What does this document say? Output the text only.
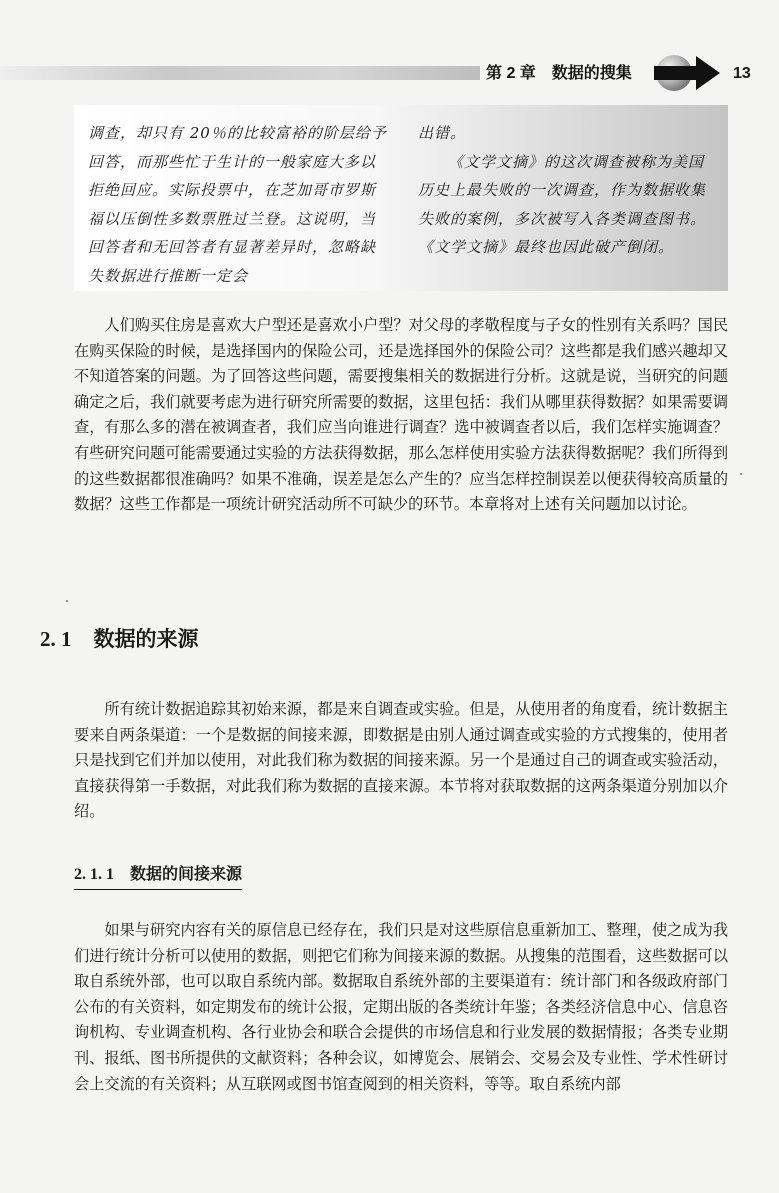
第 2 章 数据的搜集	13

调查，却只有 20％的比较富裕的阶层给予回答，而那些忙于生计的一般家庭大多以拒绝回应。实际投票中，在芝加哥市罗斯福以压倒性多数票胜过兰登。这说明，当回答者和无回答者有显著差异时，忽略缺失数据进行推断一定会

出错。

《文学文摘》的这次调查被称为美国历史上最失败的一次调查，作为数据收集失败的案例，多次被写入各类调查图书。《文学文摘》最终也因此破产倒闭。

人们购买住房是喜欢大户型还是喜欢小户型？对父母的孝敬程度与子女的性别有关系吗？国民在购买保险的时候，是选择国内的保险公司，还是选择国外的保险公司？这些都是我们感兴趣却又不知道答案的问题。为了回答这些问题，需要搜集相关的数据进行分析。这就是说，当研究的问题确定之后，我们就要考虑为进行研究所需要的数据，这里包括：我们从哪里获得数据？如果需要调查，有那么多的潜在被调查者，我们应当向谁进行调查？选中被调查者以后，我们怎样实施调查？有些研究问题可能需要通过实验的方法获得数据，那么怎样使用实验方法获得数据呢？我们所得到的这些数据都很准确吗？如果不准确，误差是怎么产生的？应当怎样控制误差以便获得较高质量的数据？这些工作都是一项统计研究活动所不可缺少的环节。本章将对上述有关问题加以讨论。

2. 1 数据的来源

所有统计数据追踪其初始来源，都是来自调查或实验。但是，从使用者的角度看，统计数据主要来自两条渠道：一个是数据的间接来源，即数据是由别人通过调查或实验的方式搜集的，使用者只是找到它们并加以使用，对此我们称为数据的间接来源。另一个是通过自己的调查或实验活动，直接获得第一手数据，对此我们称为数据的直接来源。本节将对获取数据的这两条渠道分别加以介绍。

2. 1. 1 数据的间接来源

如果与研究内容有关的原信息已经存在，我们只是对这些原信息重新加工、整理，使之成为我们进行统计分析可以使用的数据，则把它们称为间接来源的数据。从搜集的范围看，这些数据可以取自系统外部，也可以取自系统内部。数据取自系统外部的主要渠道有：统计部门和各级政府部门公布的有关资料，如定期发布的统计公报，定期出版的各类统计年鉴；各类经济信息中心、信息咨询机构、专业调查机构、各行业协会和联合会提供的市场信息和行业发展的数据情报；各类专业期刊、报纸、图书所提供的文献资料；各种会议，如博览会、展销会、交易会及专业性、学术性研讨会上交流的有关资料；从互联网或图书馆查阅到的相关资料，等等。取自系统内部
